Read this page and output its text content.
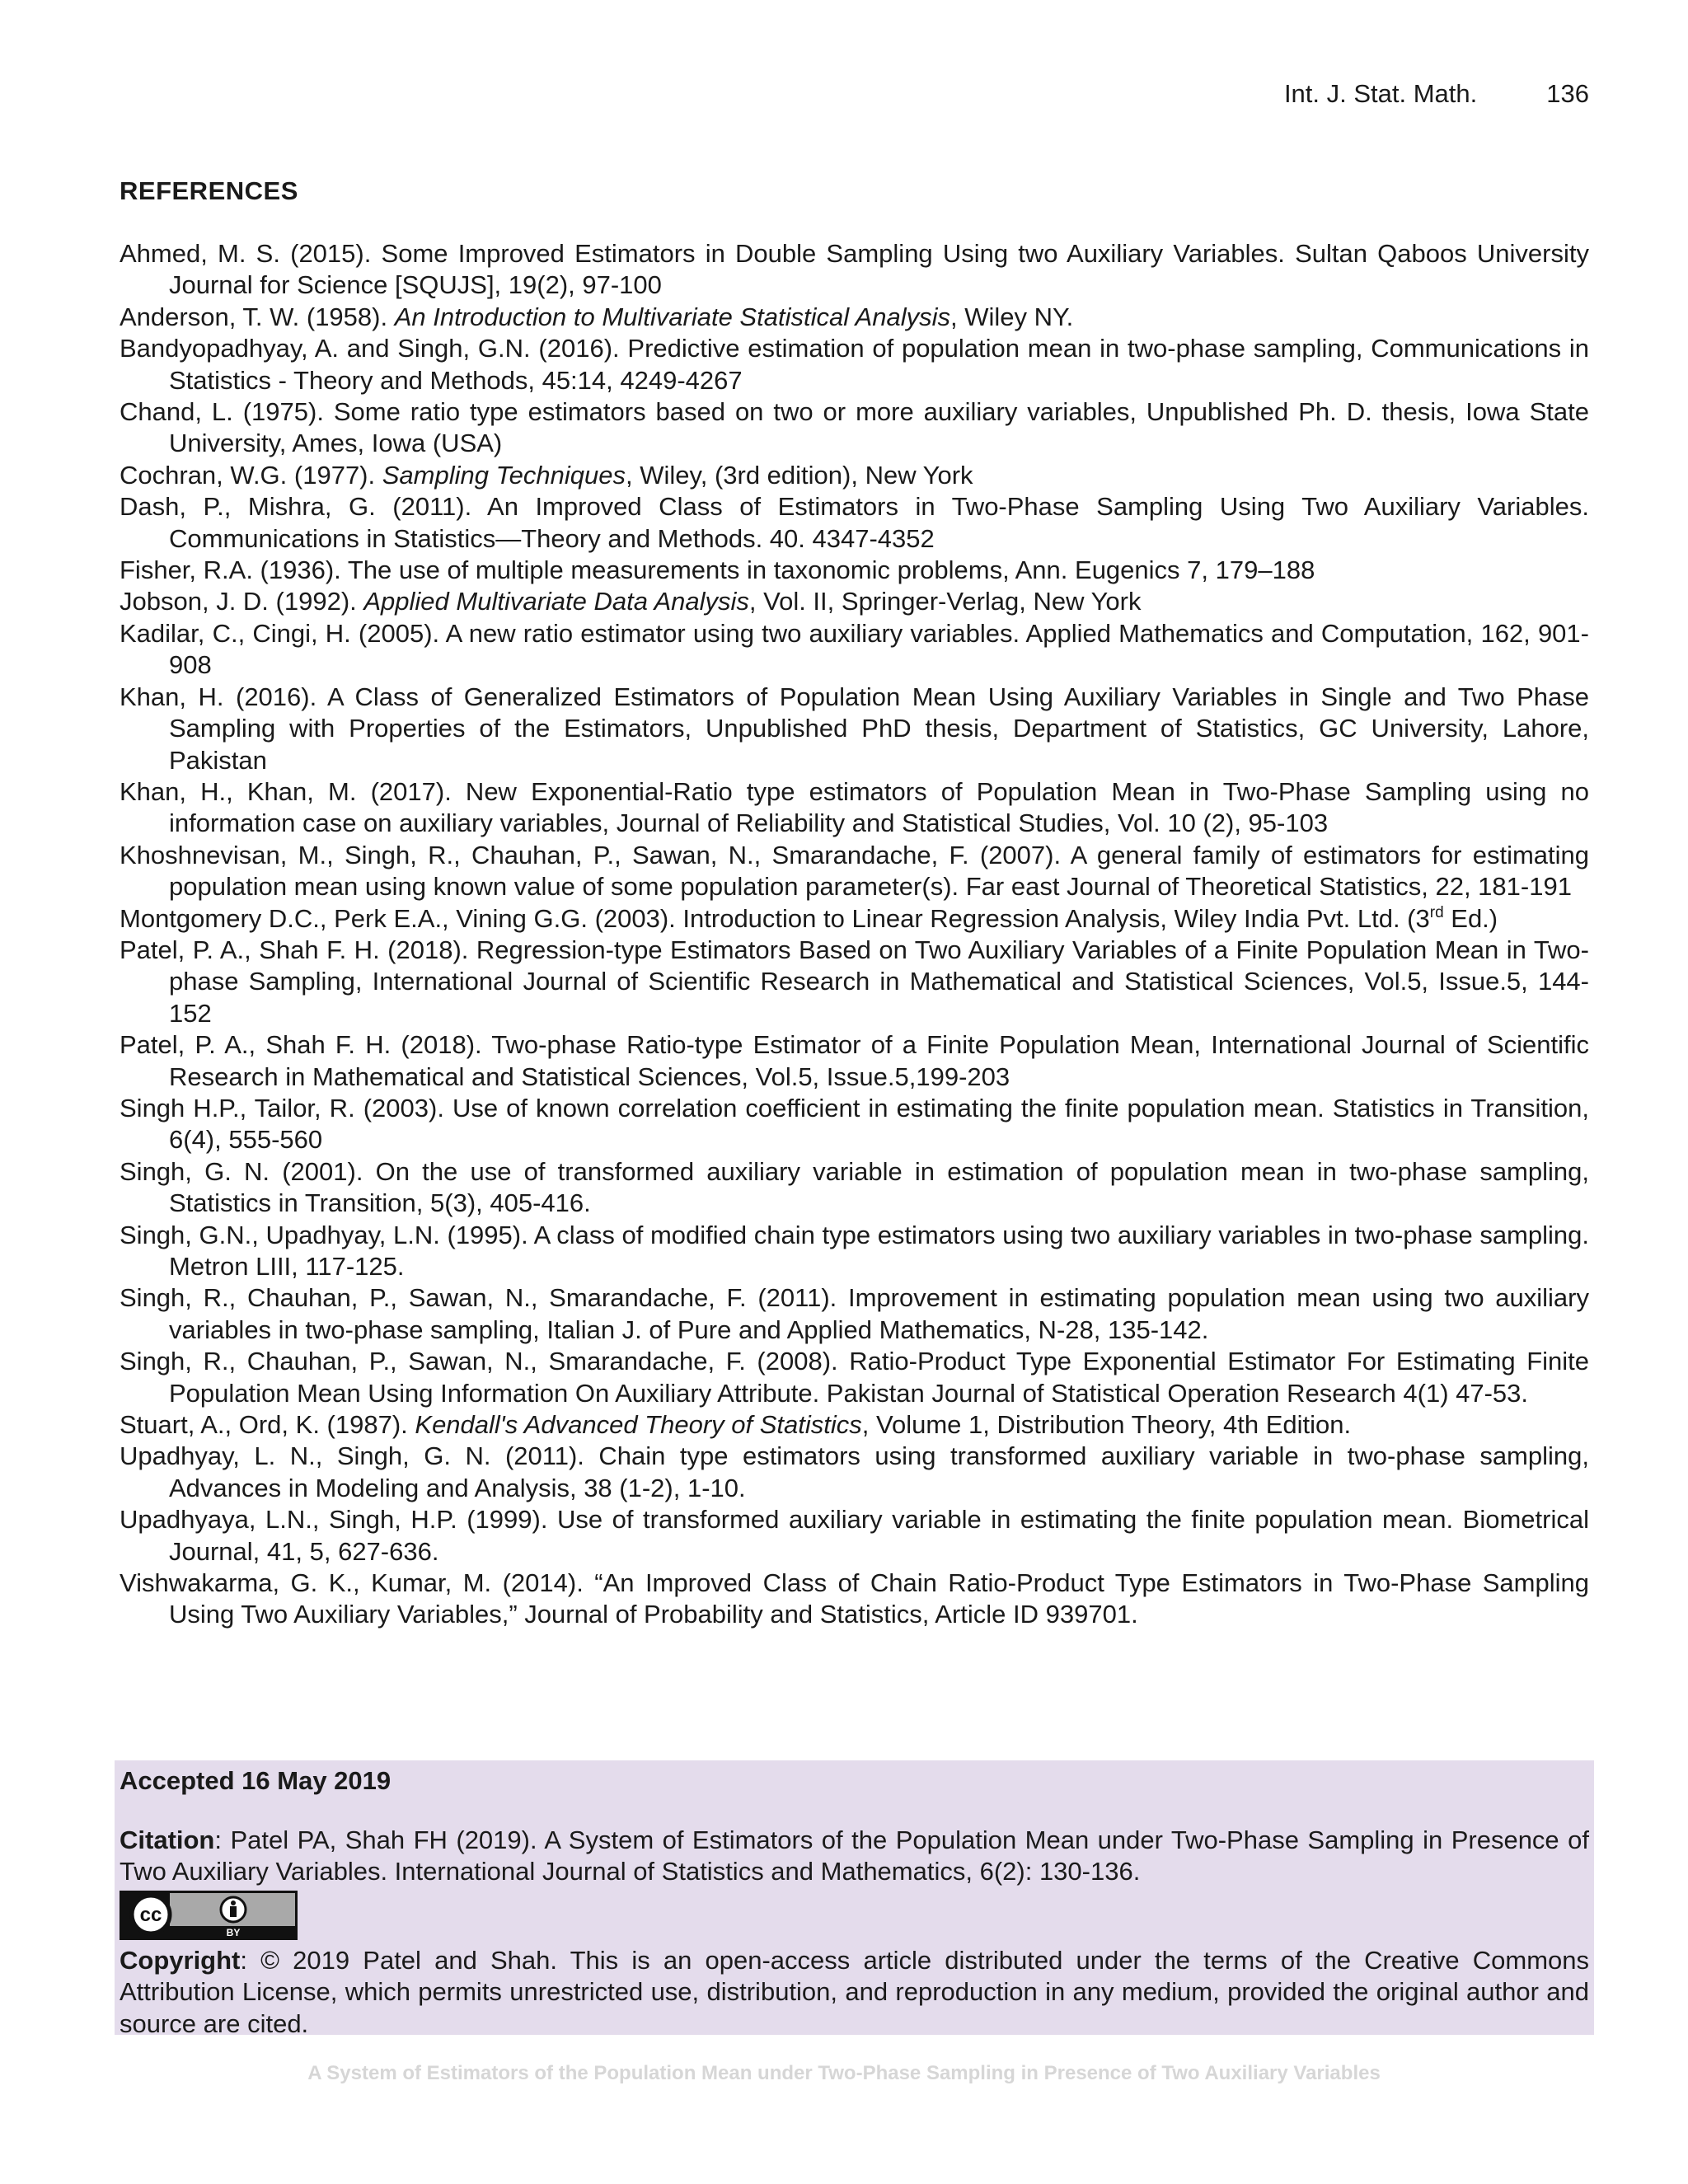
Int. J. Stat. Math.	136
REFERENCES
Ahmed, M. S. (2015). Some Improved Estimators in Double Sampling Using two Auxiliary Variables. Sultan Qaboos University Journal for Science [SQUJS], 19(2), 97-100
Anderson, T. W. (1958). An Introduction to Multivariate Statistical Analysis, Wiley NY.
Bandyopadhyay, A. and Singh, G.N. (2016). Predictive estimation of population mean in two-phase sampling, Communications in Statistics - Theory and Methods, 45:14, 4249-4267
Chand, L. (1975). Some ratio type estimators based on two or more auxiliary variables, Unpublished Ph. D. thesis, Iowa State University, Ames, Iowa (USA)
Cochran, W.G. (1977). Sampling Techniques, Wiley, (3rd edition), New York
Dash, P., Mishra, G. (2011). An Improved Class of Estimators in Two-Phase Sampling Using Two Auxiliary Variables. Communications in Statistics—Theory and Methods. 40. 4347-4352
Fisher, R.A. (1936). The use of multiple measurements in taxonomic problems, Ann. Eugenics 7, 179–188
Jobson, J. D. (1992). Applied Multivariate Data Analysis, Vol. II, Springer-Verlag, New York
Kadilar, C., Cingi, H. (2005). A new ratio estimator using two auxiliary variables. Applied Mathematics and Computation, 162, 901-908
Khan, H. (2016). A Class of Generalized Estimators of Population Mean Using Auxiliary Variables in Single and Two Phase Sampling with Properties of the Estimators, Unpublished PhD thesis, Department of Statistics, GC University, Lahore, Pakistan
Khan, H., Khan, M. (2017). New Exponential-Ratio type estimators of Population Mean in Two-Phase Sampling using no information case on auxiliary variables, Journal of Reliability and Statistical Studies, Vol. 10 (2), 95-103
Khoshnevisan, M., Singh, R., Chauhan, P., Sawan, N., Smarandache, F. (2007). A general family of estimators for estimating population mean using known value of some population parameter(s). Far east Journal of Theoretical Statistics, 22, 181-191
Montgomery D.C., Perk E.A., Vining G.G. (2003). Introduction to Linear Regression Analysis, Wiley India Pvt. Ltd. (3rd Ed.)
Patel, P. A., Shah F. H. (2018). Regression-type Estimators Based on Two Auxiliary Variables of a Finite Population Mean in Two-phase Sampling, International Journal of Scientific Research in Mathematical and Statistical Sciences, Vol.5, Issue.5, 144-152
Patel, P. A., Shah F. H. (2018). Two-phase Ratio-type Estimator of a Finite Population Mean, International Journal of Scientific Research in Mathematical and Statistical Sciences, Vol.5, Issue.5,199-203
Singh H.P., Tailor, R. (2003). Use of known correlation coefficient in estimating the finite population mean. Statistics in Transition, 6(4), 555-560
Singh, G. N. (2001). On the use of transformed auxiliary variable in estimation of population mean in two-phase sampling, Statistics in Transition, 5(3), 405-416.
Singh, G.N., Upadhyay, L.N. (1995). A class of modified chain type estimators using two auxiliary variables in two-phase sampling. Metron LIII, 117-125.
Singh, R., Chauhan, P., Sawan, N., Smarandache, F. (2011). Improvement in estimating population mean using two auxiliary variables in two-phase sampling, Italian J. of Pure and Applied Mathematics, N-28, 135-142.
Singh, R., Chauhan, P., Sawan, N., Smarandache, F. (2008). Ratio-Product Type Exponential Estimator For Estimating Finite Population Mean Using Information On Auxiliary Attribute. Pakistan Journal of Statistical Operation Research 4(1) 47-53.
Stuart, A., Ord, K. (1987). Kendall's Advanced Theory of Statistics, Volume 1, Distribution Theory, 4th Edition.
Upadhyay, L. N., Singh, G. N. (2011). Chain type estimators using transformed auxiliary variable in two-phase sampling, Advances in Modeling and Analysis, 38 (1-2), 1-10.
Upadhyaya, L.N., Singh, H.P. (1999). Use of transformed auxiliary variable in estimating the finite population mean. Biometrical Journal, 41, 5, 627-636.
Vishwakarma, G. K., Kumar, M. (2014). “An Improved Class of Chain Ratio-Product Type Estimators in Two-Phase Sampling Using Two Auxiliary Variables,” Journal of Probability and Statistics, Article ID 939701.
Accepted 16 May 2019
Citation: Patel PA, Shah FH (2019). A System of Estimators of the Population Mean under Two-Phase Sampling in Presence of Two Auxiliary Variables. International Journal of Statistics and Mathematics, 6(2): 130-136.
cc
BY
Copyright: © 2019 Patel and Shah. This is an open-access article distributed under the terms of the Creative Commons Attribution License, which permits unrestricted use, distribution, and reproduction in any medium, provided the original author and source are cited.
A System of Estimators of the Population Mean under Two-Phase Sampling in Presence of Two Auxiliary Variables
